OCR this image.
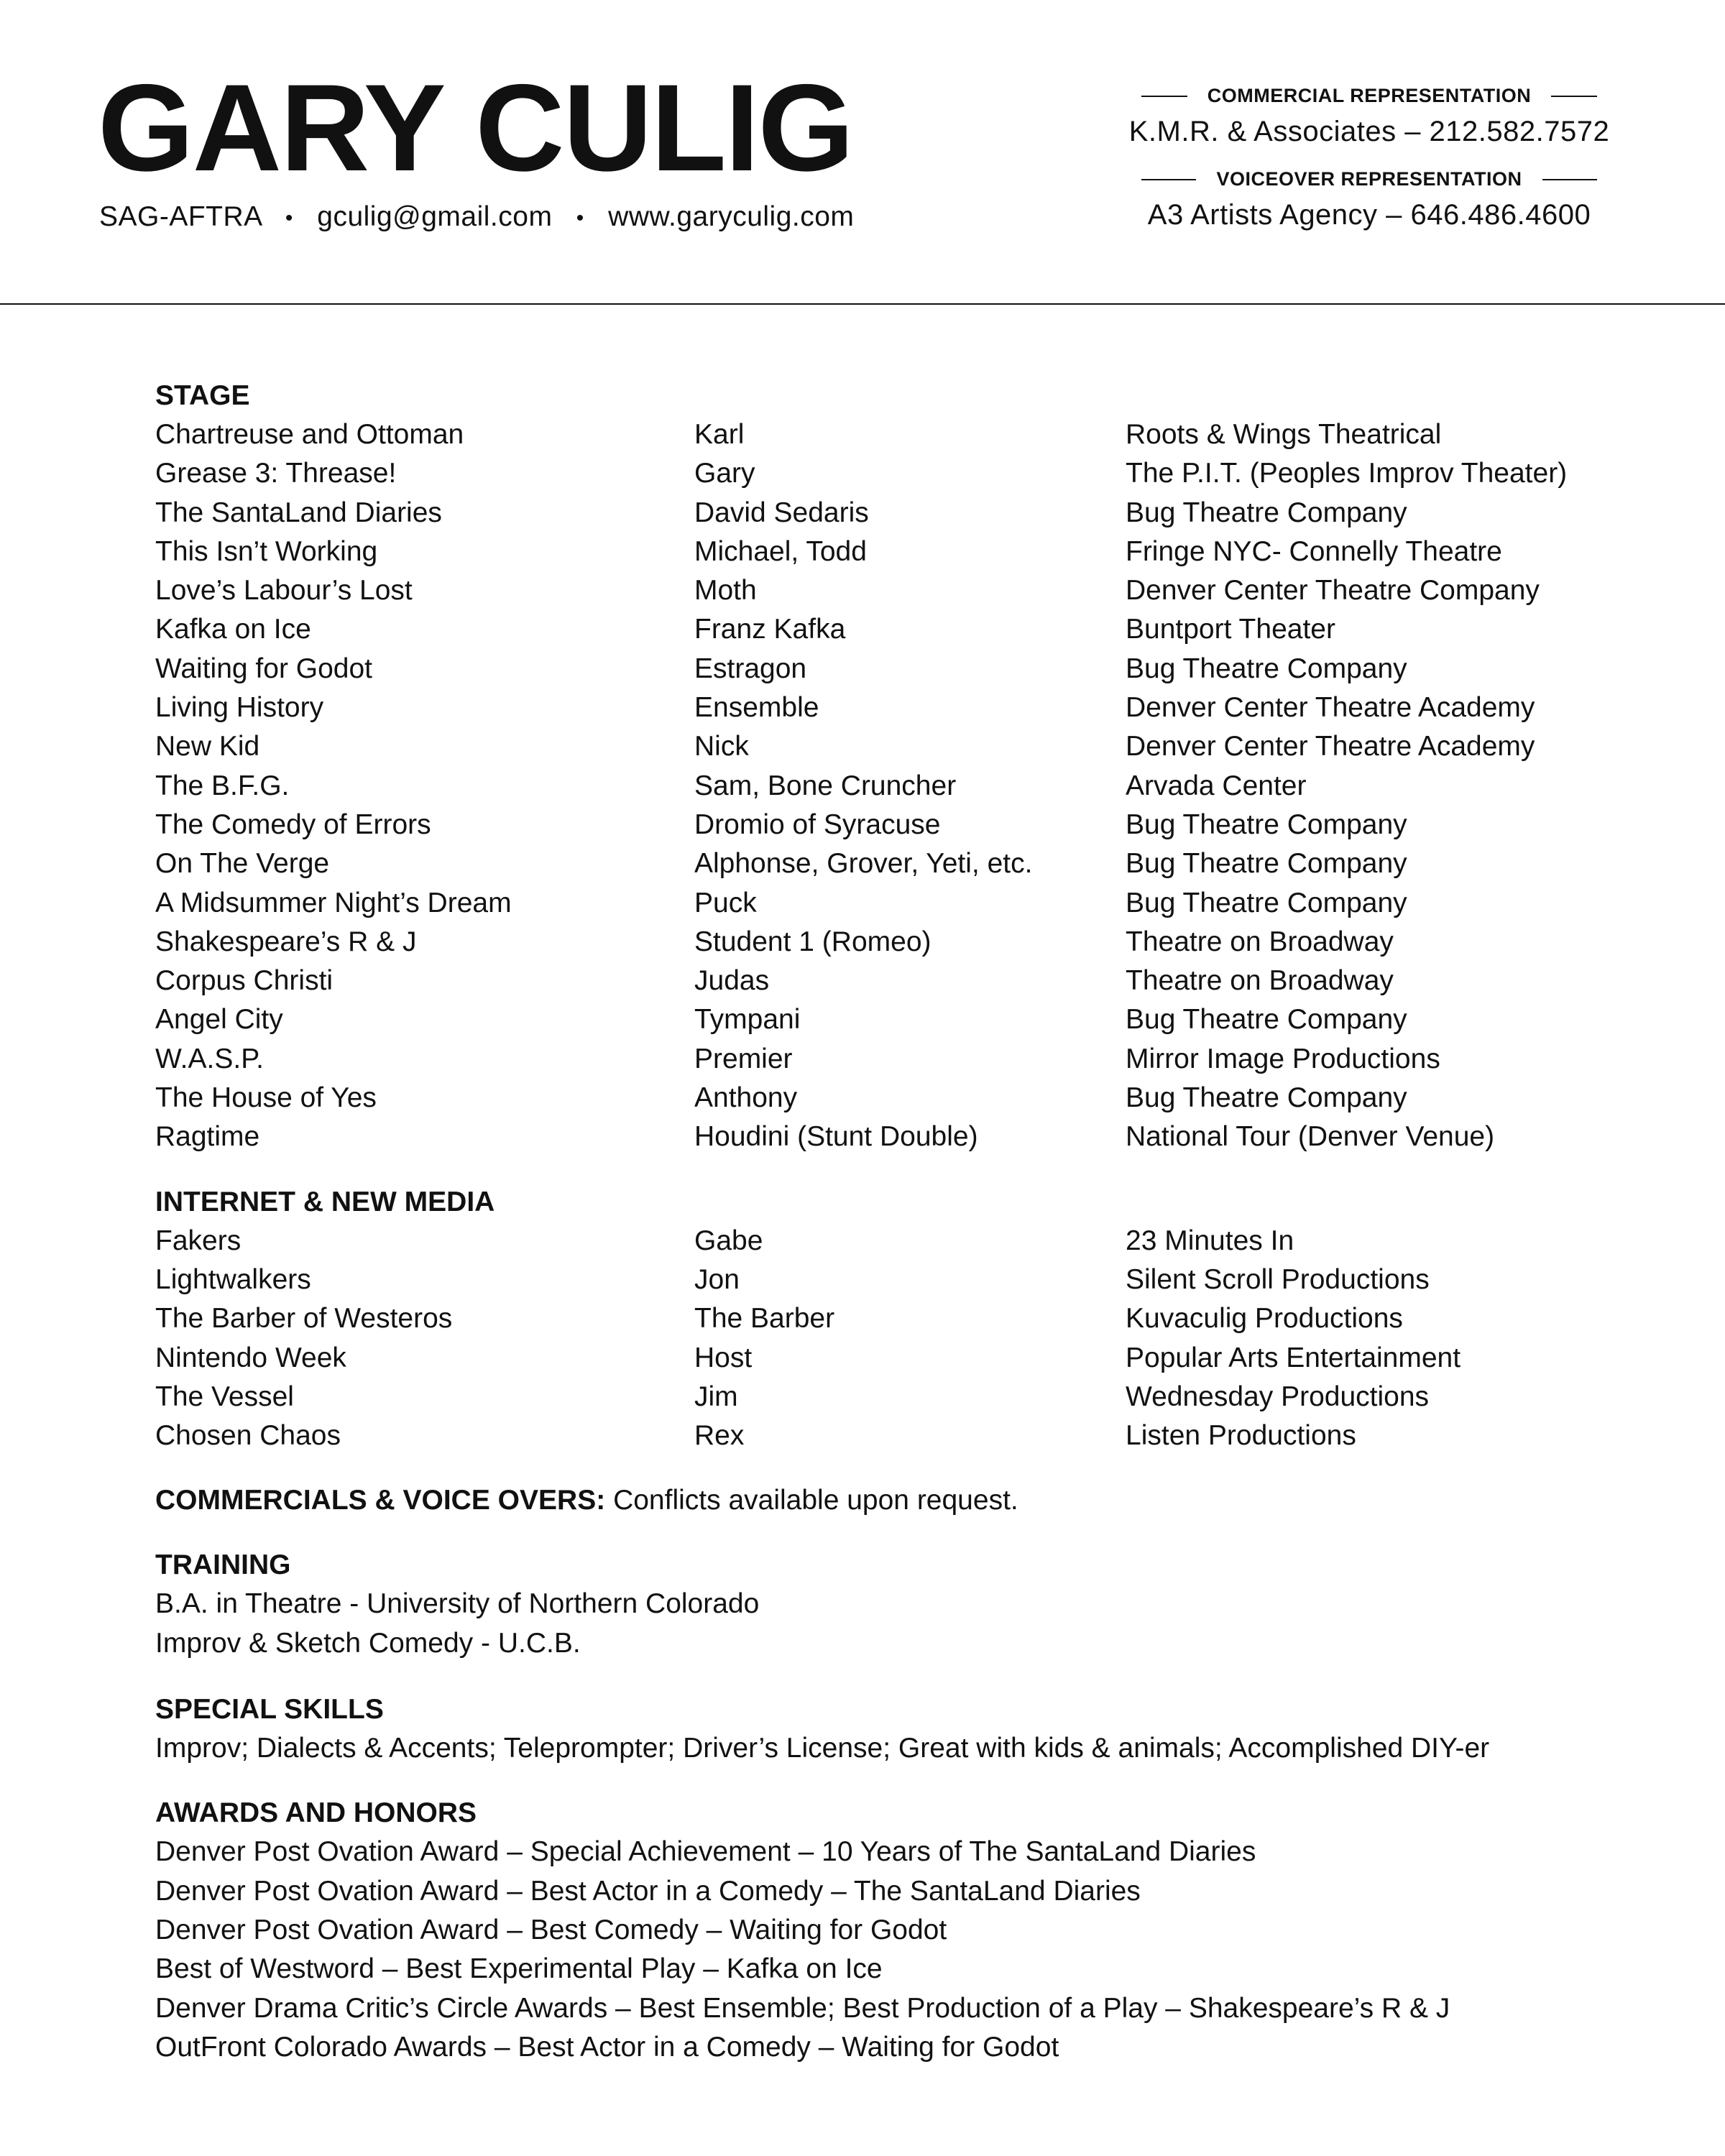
GARY CULIG
SAG-AFTRA • gculig@gmail.com • www.garyculig.com
COMMERCIAL REPRESENTATION
K.M.R. & Associates – 212.582.7572
VOICEOVER REPRESENTATION
A3 Artists Agency – 646.486.4600
STAGE
Chartreuse and Ottoman	Karl	Roots & Wings Theatrical
Grease 3: Threase!	Gary	The P.I.T. (Peoples Improv Theater)
The SantaLand Diaries	David Sedaris	Bug Theatre Company
This Isn’t Working	Michael, Todd	Fringe NYC- Connelly Theatre
Love’s Labour’s Lost	Moth	Denver Center Theatre Company
Kafka on Ice	Franz Kafka	Buntport Theater
Waiting for Godot	Estragon	Bug Theatre Company
Living History	Ensemble	Denver Center Theatre Academy
New Kid	Nick	Denver Center Theatre Academy
The B.F.G.	Sam, Bone Cruncher	Arvada Center
The Comedy of Errors	Dromio of Syracuse	Bug Theatre Company
On The Verge	Alphonse, Grover, Yeti, etc.	Bug Theatre Company
A Midsummer Night’s Dream	Puck	Bug Theatre Company
Shakespeare’s R & J	Student 1 (Romeo)	Theatre on Broadway
Corpus Christi	Judas	Theatre on Broadway
Angel City	Tympani	Bug Theatre Company
W.A.S.P.	Premier	Mirror Image Productions
The House of Yes	Anthony	Bug Theatre Company
Ragtime	Houdini (Stunt Double)	National Tour (Denver Venue)
INTERNET & NEW MEDIA
Fakers	Gabe	23 Minutes In
Lightwalkers	Jon	Silent Scroll Productions
The Barber of Westeros	The Barber	Kuvaculig Productions
Nintendo Week	Host	Popular Arts Entertainment
The Vessel	Jim	Wednesday Productions
Chosen Chaos	Rex	Listen Productions
COMMERCIALS & VOICE OVERS: Conflicts available upon request.
TRAINING
B.A. in Theatre - University of Northern Colorado
Improv & Sketch Comedy - U.C.B.
SPECIAL SKILLS
Improv; Dialects & Accents; Teleprompter; Driver’s License; Great with kids & animals; Accomplished DIY-er
AWARDS AND HONORS
Denver Post Ovation Award – Special Achievement – 10 Years of The SantaLand Diaries
Denver Post Ovation Award – Best Actor in a Comedy – The SantaLand Diaries
Denver Post Ovation Award – Best Comedy – Waiting for Godot
Best of Westword – Best Experimental Play – Kafka on Ice
Denver Drama Critic’s Circle Awards – Best Ensemble; Best Production of a Play – Shakespeare’s R & J
OutFront Colorado Awards – Best Actor in a Comedy – Waiting for Godot
